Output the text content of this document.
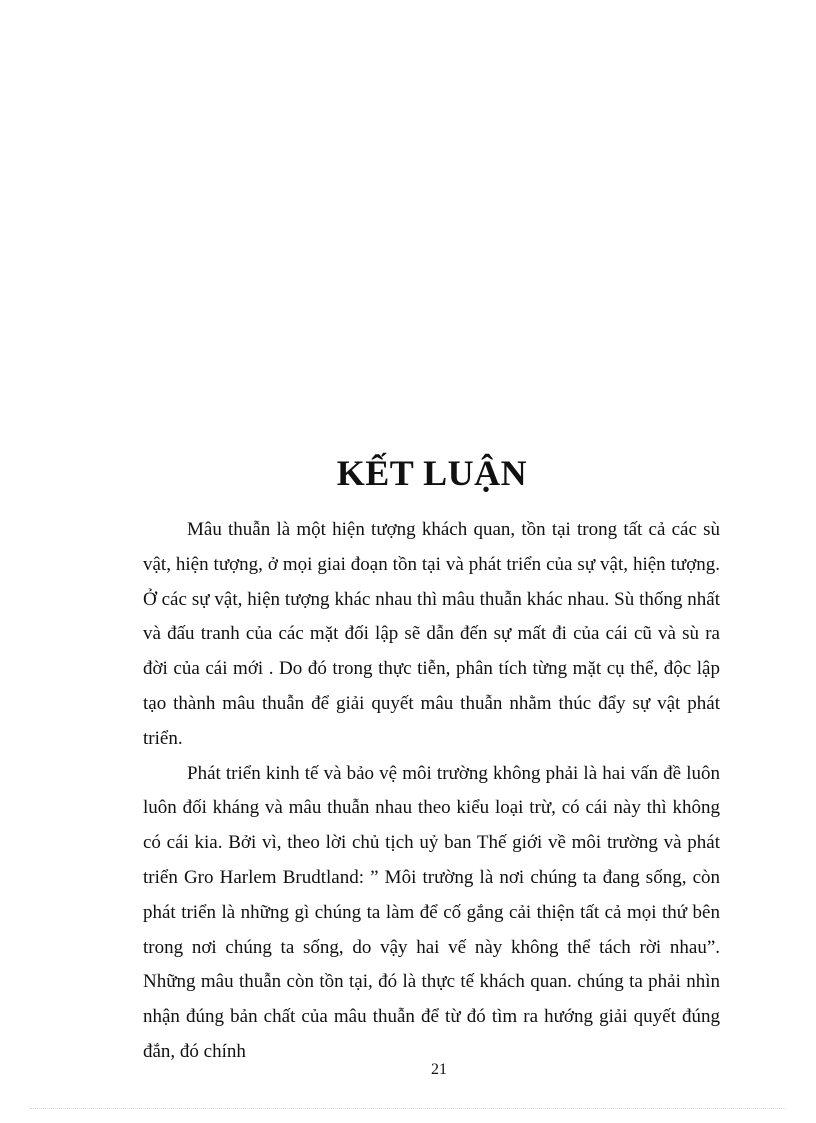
KẾT LUẬN

Mâu thuẫn là một hiện tượng khách quan, tồn tại trong tất cả các sù vật, hiện tượng, ở mọi giai đoạn tồn tại và phát triển của sự vật, hiện tượng. Ở các sự vật, hiện tượng khác nhau thì mâu thuẫn khác nhau. Sù thống nhất và đấu tranh của các mặt đối lập sẽ dẫn đến sự mất đi của cái cũ và sù ra đời của cái mới . Do đó trong thực tiễn, phân tích từng mặt cụ thể, độc lập tạo thành mâu thuẫn để giải quyết mâu thuẫn nhằm thúc đẩy sự vật phát triển.

Phát triển kinh tế và bảo vệ môi trường không phải là hai vấn đề luôn luôn đối kháng và mâu thuẫn nhau theo kiểu loại trừ, có cái này thì không có cái kia. Bởi vì, theo lời chủ tịch uỷ ban Thế giới về môi trường và phát triển Gro Harlem Brudtland: ” Môi trường là nơi chúng ta đang sống, còn phát triển là những gì chúng ta làm để cố gắng cải thiện tất cả mọi thứ bên trong nơi chúng ta sống, do vậy hai vế này không thể tách rời nhau”. Những mâu thuẫn còn tồn tại, đó là thực tế khách quan. chúng ta phải nhìn nhận đúng bản chất của mâu thuẫn để từ đó tìm ra hướng giải quyết đúng đắn, đó chính

21
